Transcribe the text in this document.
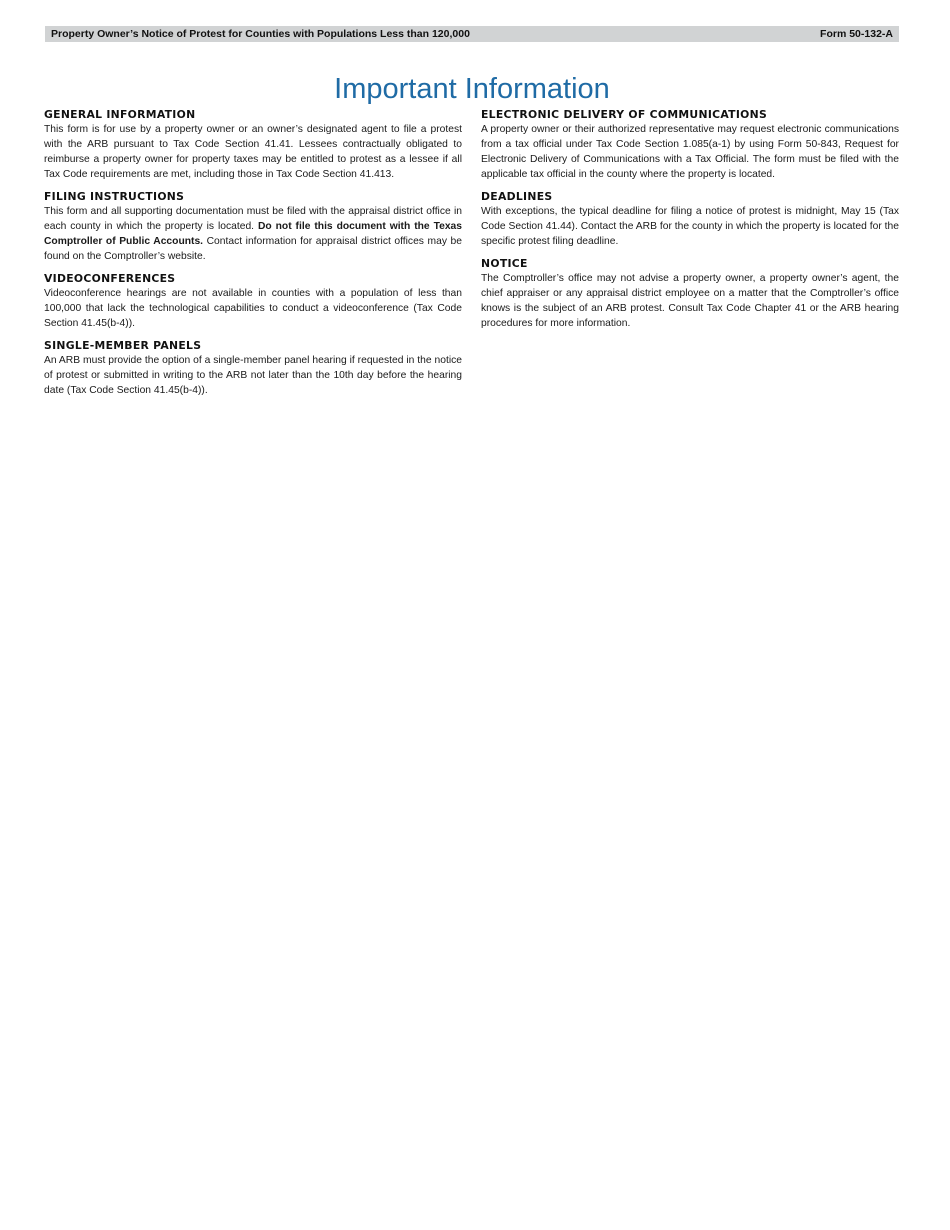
Property Owner’s Notice of Protest for Counties with Populations Less than 120,000	Form 50-132-A
Important Information
GENERAL INFORMATION

This form is for use by a property owner or an owner’s designated agent to file a protest with the ARB pursuant to Tax Code Section 41.41. Lessees contractually obligated to reimburse a property owner for property taxes may be entitled to protest as a lessee if all Tax Code requirements are met, including those in Tax Code Section 41.413.

FILING INSTRUCTIONS

This form and all supporting documentation must be filed with the appraisal district office in each county in which the property is located. Do not file this document with the Texas Comptroller of Public Accounts. Contact information for appraisal district offices may be found on the Comptroller’s website.

VIDEOCONFERENCES

Videoconference hearings are not available in counties with a population of less than 100,000 that lack the technological capabilities to conduct a videoconference (Tax Code Section 41.45(b-4)).

SINGLE-MEMBER PANELS

An ARB must provide the option of a single-member panel hearing if requested in the notice of protest or submitted in writing to the ARB not later than the 10th day before the hearing date (Tax Code Section 41.45(b-4)).

ELECTRONIC DELIVERY OF COMMUNICATIONS

A property owner or their authorized representative may request electronic communications from a tax official under Tax Code Section 1.085(a-1) by using Form 50-843, Request for Electronic Delivery of Communications with a Tax Official. The form must be filed with the applicable tax official in the county where the property is located.

DEADLINES

With exceptions, the typical deadline for filing a notice of protest is midnight, May 15 (Tax Code Section 41.44). Contact the ARB for the county in which the property is located for the specific protest filing deadline.

NOTICE

The Comptroller’s office may not advise a property owner, a property owner’s agent, the chief appraiser or any appraisal district employee on a matter that the Comptroller’s office knows is the subject of an ARB protest. Consult Tax Code Chapter 41 or the ARB hearing procedures for more information.
